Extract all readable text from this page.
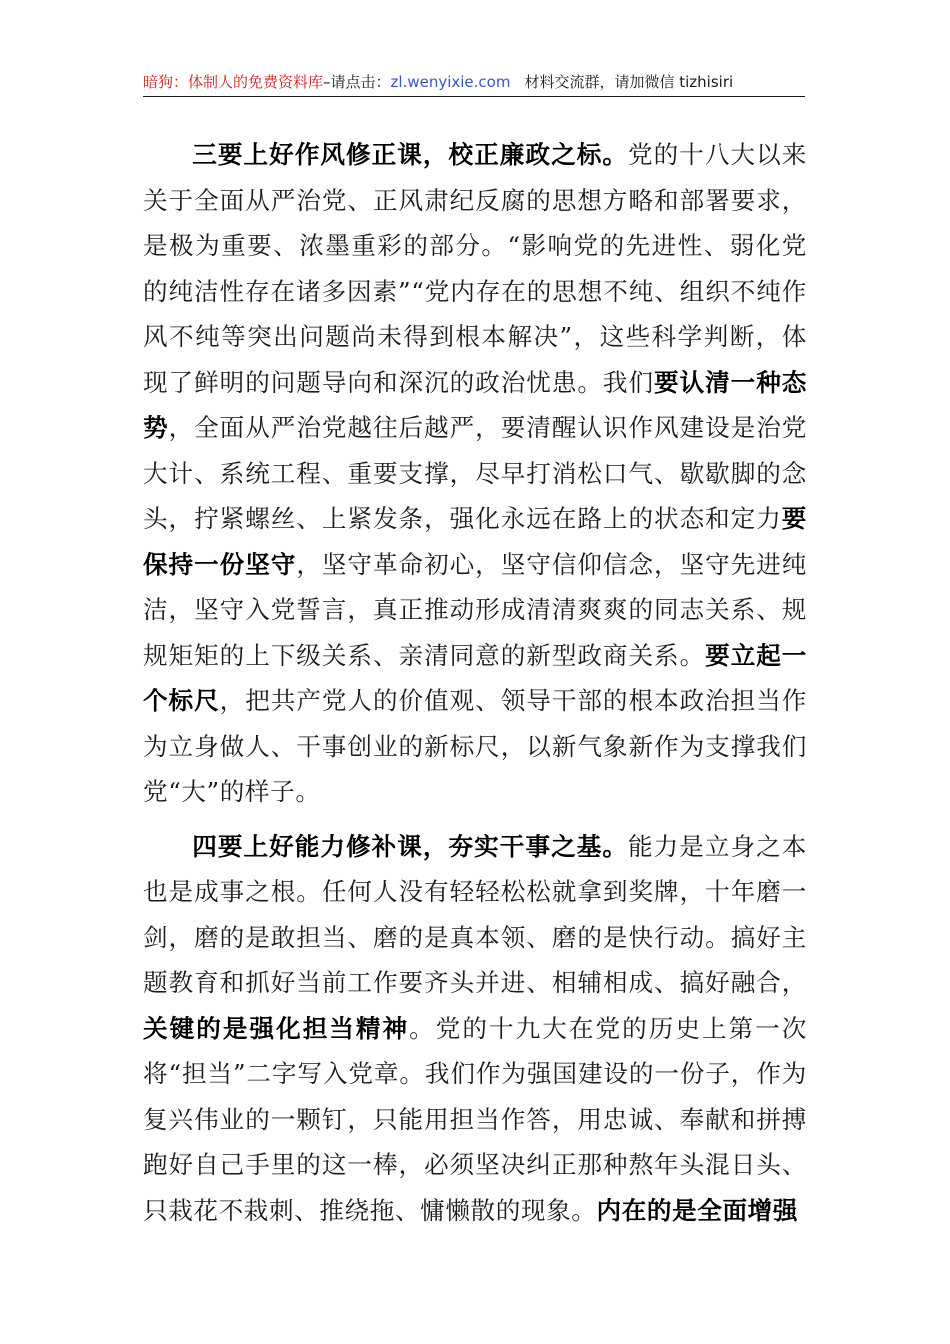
暗狗：体制人的免费资料库 –请点击： zl.wenyixie.com 材料交流群，请加微信 tizhisiri

三要上好作风修正课，校正廉政之标。党的十八大以来关于全面从严治党、正风肃纪反腐的思想方略和部署要求，是极为重要、浓墨重彩的部分。“影响党的先进性、弱化党的纯洁性存在诸多因素”“党内存在的思想不纯、组织不纯作风不纯等突出问题尚未得到根本解决”，这些科学判断，体现了鲜明的问题导向和深沉的政治忧患。我们要认清一种态势，全面从严治党越往后越严，要清醒认识作风建设是治党大计、系统工程、重要支撑，尽早打消松口气、歇歇脚的念头，拧紧螺丝、上紧发条，强化永远在路上的状态和定力要保持一份坚守，坚守革命初心，坚守信仰信念，坚守先进纯洁，坚守入党誓言，真正推动形成清清爽爽的同志关系、规规矩矩的上下级关系、亲清同意的新型政商关系。要立起一个标尺，把共产党人的价值观、领导干部的根本政治担当作为立身做人、干事创业的新标尺，以新气象新作为支撑我们党“大”的样子。

四要上好能力修补课，夯实干事之基。能力是立身之本也是成事之根。任何人没有轻轻松松就拿到奖牌，十年磨一剑，磨的是敢担当、磨的是真本领、磨的是快行动。搞好主题教育和抓好当前工作要齐头并进、相辅相成、搞好融合，关键的是强化担当精神。党的十九大在党的历史上第一次将“担当”二字写入党章。我们作为强国建设的一份子，作为复兴伟业的一颗钉，只能用担当作答，用忠诚、奉献和拼搏跑好自己手里的这一棒，必须坚决纠正那种熬年头混日头、只栽花不栽刺、推绕拖、慵懒散的现象。内在的是全面增强
